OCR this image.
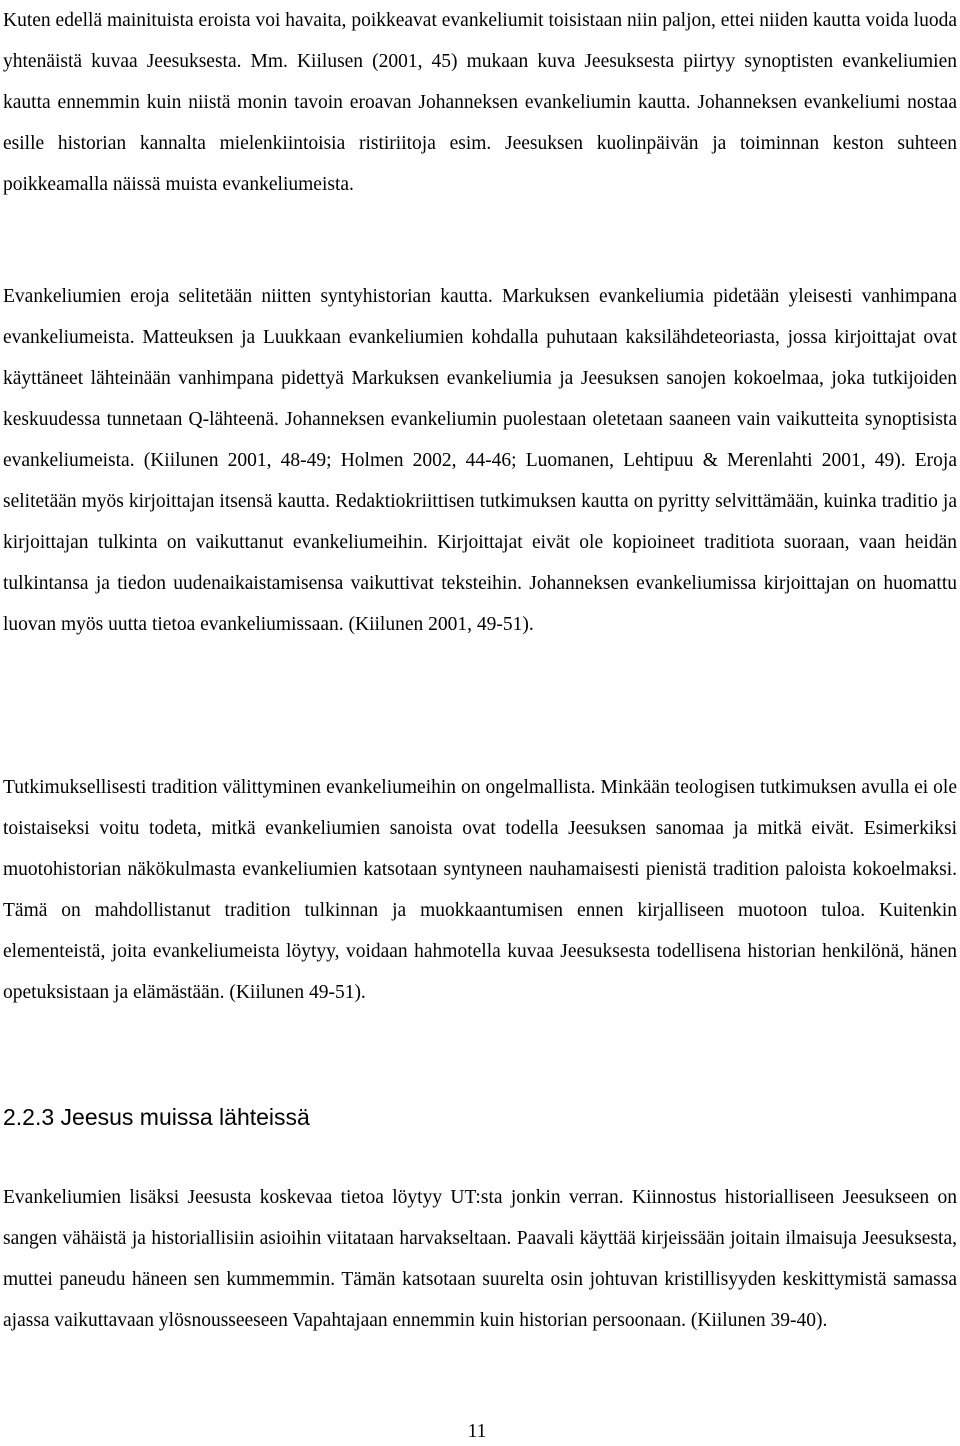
Kuten edellä mainituista eroista voi havaita, poikkeavat evankeliumit toisistaan niin paljon, ettei niiden kautta voida luoda yhtenäistä kuvaa Jeesuksesta. Mm. Kiilusen (2001, 45) mukaan kuva Jeesuksesta piirtyy synoptisten evankeliumien kautta ennemmin kuin niistä monin tavoin eroavan Johanneksen evankeliumin kautta. Johanneksen evankeliumi nostaa esille historian kannalta mielenkiintoisia ristiriitoja esim. Jeesuksen kuolinpäivän ja toiminnan keston suhteen poikkeamalla näissä muista evankeliumeista.

Evankeliumien eroja selitetään niitten syntyhistorian kautta. Markuksen evankeliumia pidetään yleisesti vanhimpana evankeliumeista. Matteuksen ja Luukkaan evankeliumien kohdalla puhutaan kaksilähdeteoriasta, jossa kirjoittajat ovat käyttäneet lähteinään vanhimpana pidettyä Markuksen evankeliumia ja Jeesuksen sanojen kokoelmaa, joka tutkijoiden keskuudessa tunnetaan Q-lähteenä. Johanneksen evankeliumin puolestaan oletetaan saaneen vain vaikutteita synoptisista evankeliumeista. (Kiilunen 2001, 48-49; Holmen 2002, 44-46; Luomanen, Lehtipuu & Merenlahti 2001, 49). Eroja selitetään myös kirjoittajan itsensä kautta. Redaktiokriittisen tutkimuksen kautta on pyritty selvittämään, kuinka traditio ja kirjoittajan tulkinta on vaikuttanut evankeliumeihin. Kirjoittajat eivät ole kopioineet traditiota suoraan, vaan heidän tulkintansa ja tiedon uudenaikaistamisensa vaikuttivat teksteihin. Johanneksen evankeliumissa kirjoittajan on huomattu luovan myös uutta tietoa evankeliumissaan. (Kiilunen 2001, 49-51).

Tutkimuksellisesti tradition välittyminen evankeliumeihin on ongelmallista. Minkään teologisen tutkimuksen avulla ei ole toistaiseksi voitu todeta, mitkä evankeliumien sanoista ovat todella Jeesuksen sanomaa ja mitkä eivät. Esimerkiksi muotohistorian näkökulmasta evankeliumien katsotaan syntyneen nauhamaisesti pienistä tradition paloista kokoelmaksi. Tämä on mahdollistanut tradition tulkinnan ja muokkaantumisen ennen kirjalliseen muotoon tuloa. Kuitenkin elementeistä, joita evankeliumeista löytyy, voidaan hahmotella kuvaa Jeesuksesta todellisena historian henkilönä, hänen opetuksistaan ja elämästään. (Kiilunen 49-51).

2.2.3 Jeesus muissa lähteissä

Evankeliumien lisäksi Jeesusta koskevaa tietoa löytyy UT:sta jonkin verran. Kiinnostus historialliseen Jeesukseen on sangen vähäistä ja historiallisiin asioihin viitataan harvakseltaan. Paavali käyttää kirjeissään joitain ilmaisuja Jeesuksesta, muttei paneudu häneen sen kummemmin. Tämän katsotaan suurelta osin johtuvan kristillisyyden keskittymistä samassa ajassa vaikuttavaan ylösnousseeseen Vapahtajaan ennemmin kuin historian persoonaan. (Kiilunen 39-40).

11
